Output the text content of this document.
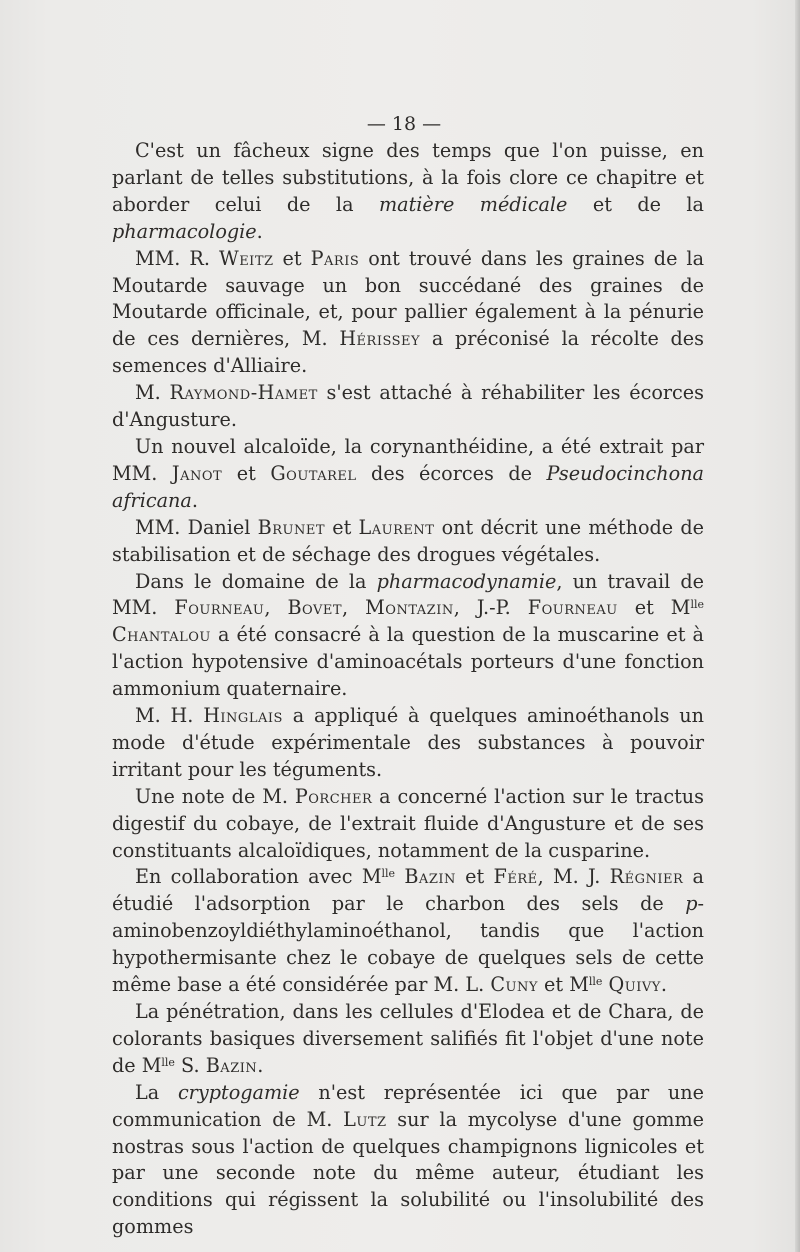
— 18 —

C'est un fâcheux signe des temps que l'on puisse, en parlant de telles substitutions, à la fois clore ce chapitre et aborder celui de la matière médicale et de la pharmacologie.

MM. R. Weitz et Paris ont trouvé dans les graines de la Moutarde sauvage un bon succédané des graines de Moutarde officinale, et, pour pallier également à la pénurie de ces dernières, M. Hérissey a préconisé la récolte des semences d'Alliaire.

M. Raymond-Hamet s'est attaché à réhabiliter les écorces d'Angusture.

Un nouvel alcaloïde, la corynanthéidine, a été extrait par MM. Janot et Goutarel des écorces de Pseudocinchona africana.

MM. Daniel Brunet et Laurent ont décrit une méthode de stabilisation et de séchage des drogues végétales.

Dans le domaine de la pharmacodynamie, un travail de MM. Fourneau, Bovet, Montazin, J.-P. Fourneau et $M^{lle}$ Chantalou a été consacré à la question de la muscarine et à l'action hypotensive d'aminoacétals porteurs d'une fonction ammonium quaternaire.

M. H. Hinglais a appliqué à quelques aminoéthanols un mode d'étude expérimentale des substances à pouvoir irritant pour les téguments.

Une note de M. Porcher a concerné l'action sur le tractus digestif du cobaye, de l'extrait fluide d'Angusture et de ses constituants alcaloïdiques, notamment de la cusparine.

En collaboration avec $M^{lle}$ Bazin et Féré, M. J. Régnier a étudié l'adsorption par le charbon des sels de p-aminobenzoyldiéthylaminoéthanol, tandis que l'action hypothermisante chez le cobaye de quelques sels de cette même base a été considérée par M. L. Cuny et $M^{lle}$ Quivy.

La pénétration, dans les cellules d'Elodea et de Chara, de colorants basiques diversement salifiés fit l'objet d'une note de $M^{lle}$ S. Bazin.

La cryptogamie n'est représentée ici que par une communication de M. Lutz sur la mycolyse d'une gomme nostras sous l'action de quelques champignons lignicoles et par une seconde note du même auteur, étudiant les conditions qui régissent la solubilité ou l'insolubilité des gommes
